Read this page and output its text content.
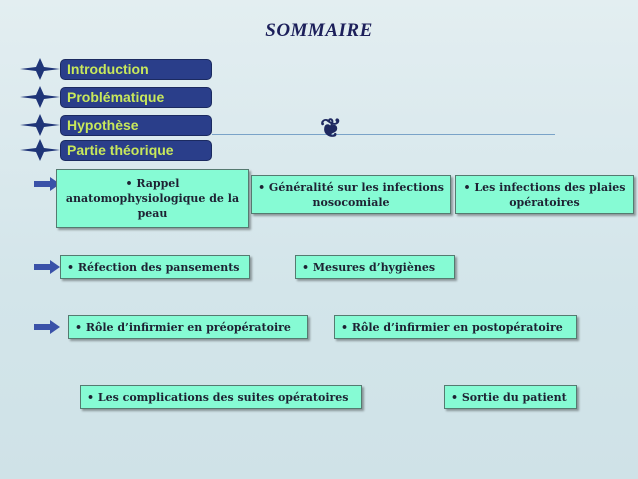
SOMMAIRE
Introduction
Problématique
Hypothèse
Partie théorique
❦
• Rappel anatomophysiologique de la peau
• Généralité sur les infections nosocomiale
• Les infections des plaies opératoires
• Réfection des pansements	• Mesures d’hygiènes
• Rôle d’infirmier en préopératoire	• Rôle d’infirmier en postopératoire
• Les complications des suites opératoires	• Sortie du patient
